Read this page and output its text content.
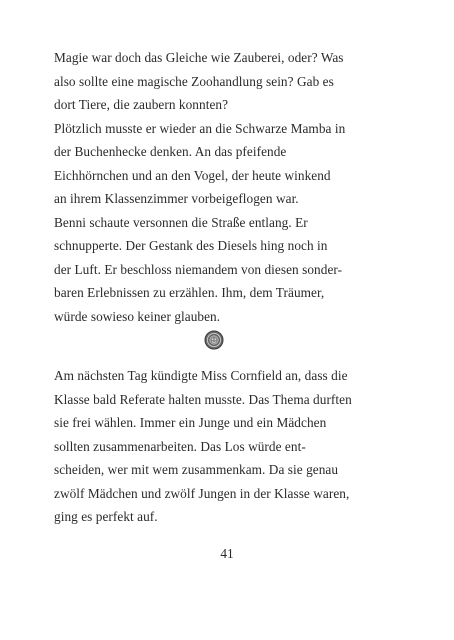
Magie war doch das Gleiche wie Zauberei, oder? Was
also sollte eine magische Zoohandlung sein? Gab es
dort Tiere, die zaubern konnten?
Plötzlich musste er wieder an die Schwarze Mamba in
der Buchenhecke denken. An das pfeifende
Eichhörnchen und an den Vogel, der heute winkend
an ihrem Klassenzimmer vorbeigeflogen war.
Benni schaute versonnen die Straße entlang. Er
schnupperte. Der Gestank des Diesels hing noch in
der Luft. Er beschloss niemandem von diesen sonder-
baren Erlebnissen zu erzählen. Ihm, dem Träumer,
würde sowieso keiner glauben.
Am nächsten Tag kündigte Miss Cornfield an, dass die
Klasse bald Referate halten musste. Das Thema durften
sie frei wählen. Immer ein Junge und ein Mädchen
sollten zusammenarbeiten. Das Los würde ent-
scheiden, wer mit wem zusammenkam. Da sie genau
zwölf Mädchen und zwölf Jungen in der Klasse waren,
ging es perfekt auf.
41
